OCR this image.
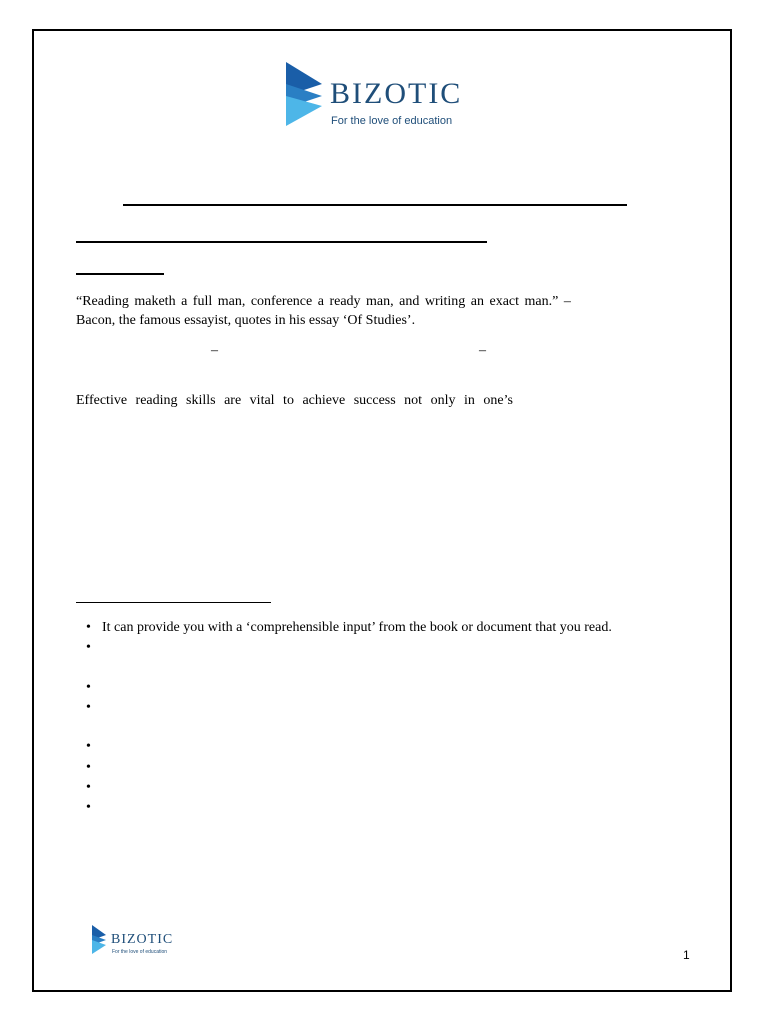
BIZOTIC
For the love of education
“Reading maketh a full man, conference a ready man, and writing an exact man.” –
Bacon, the famous essayist, quotes in his essay ‘Of Studies’.
–	–
Effective reading skills are vital to achieve success not only in one’s
• It can provide you with a ‘comprehensible input’ from the book or document that you read.
•
•
•
•
•
•
•
BIZOTIC
For the love of education	1
